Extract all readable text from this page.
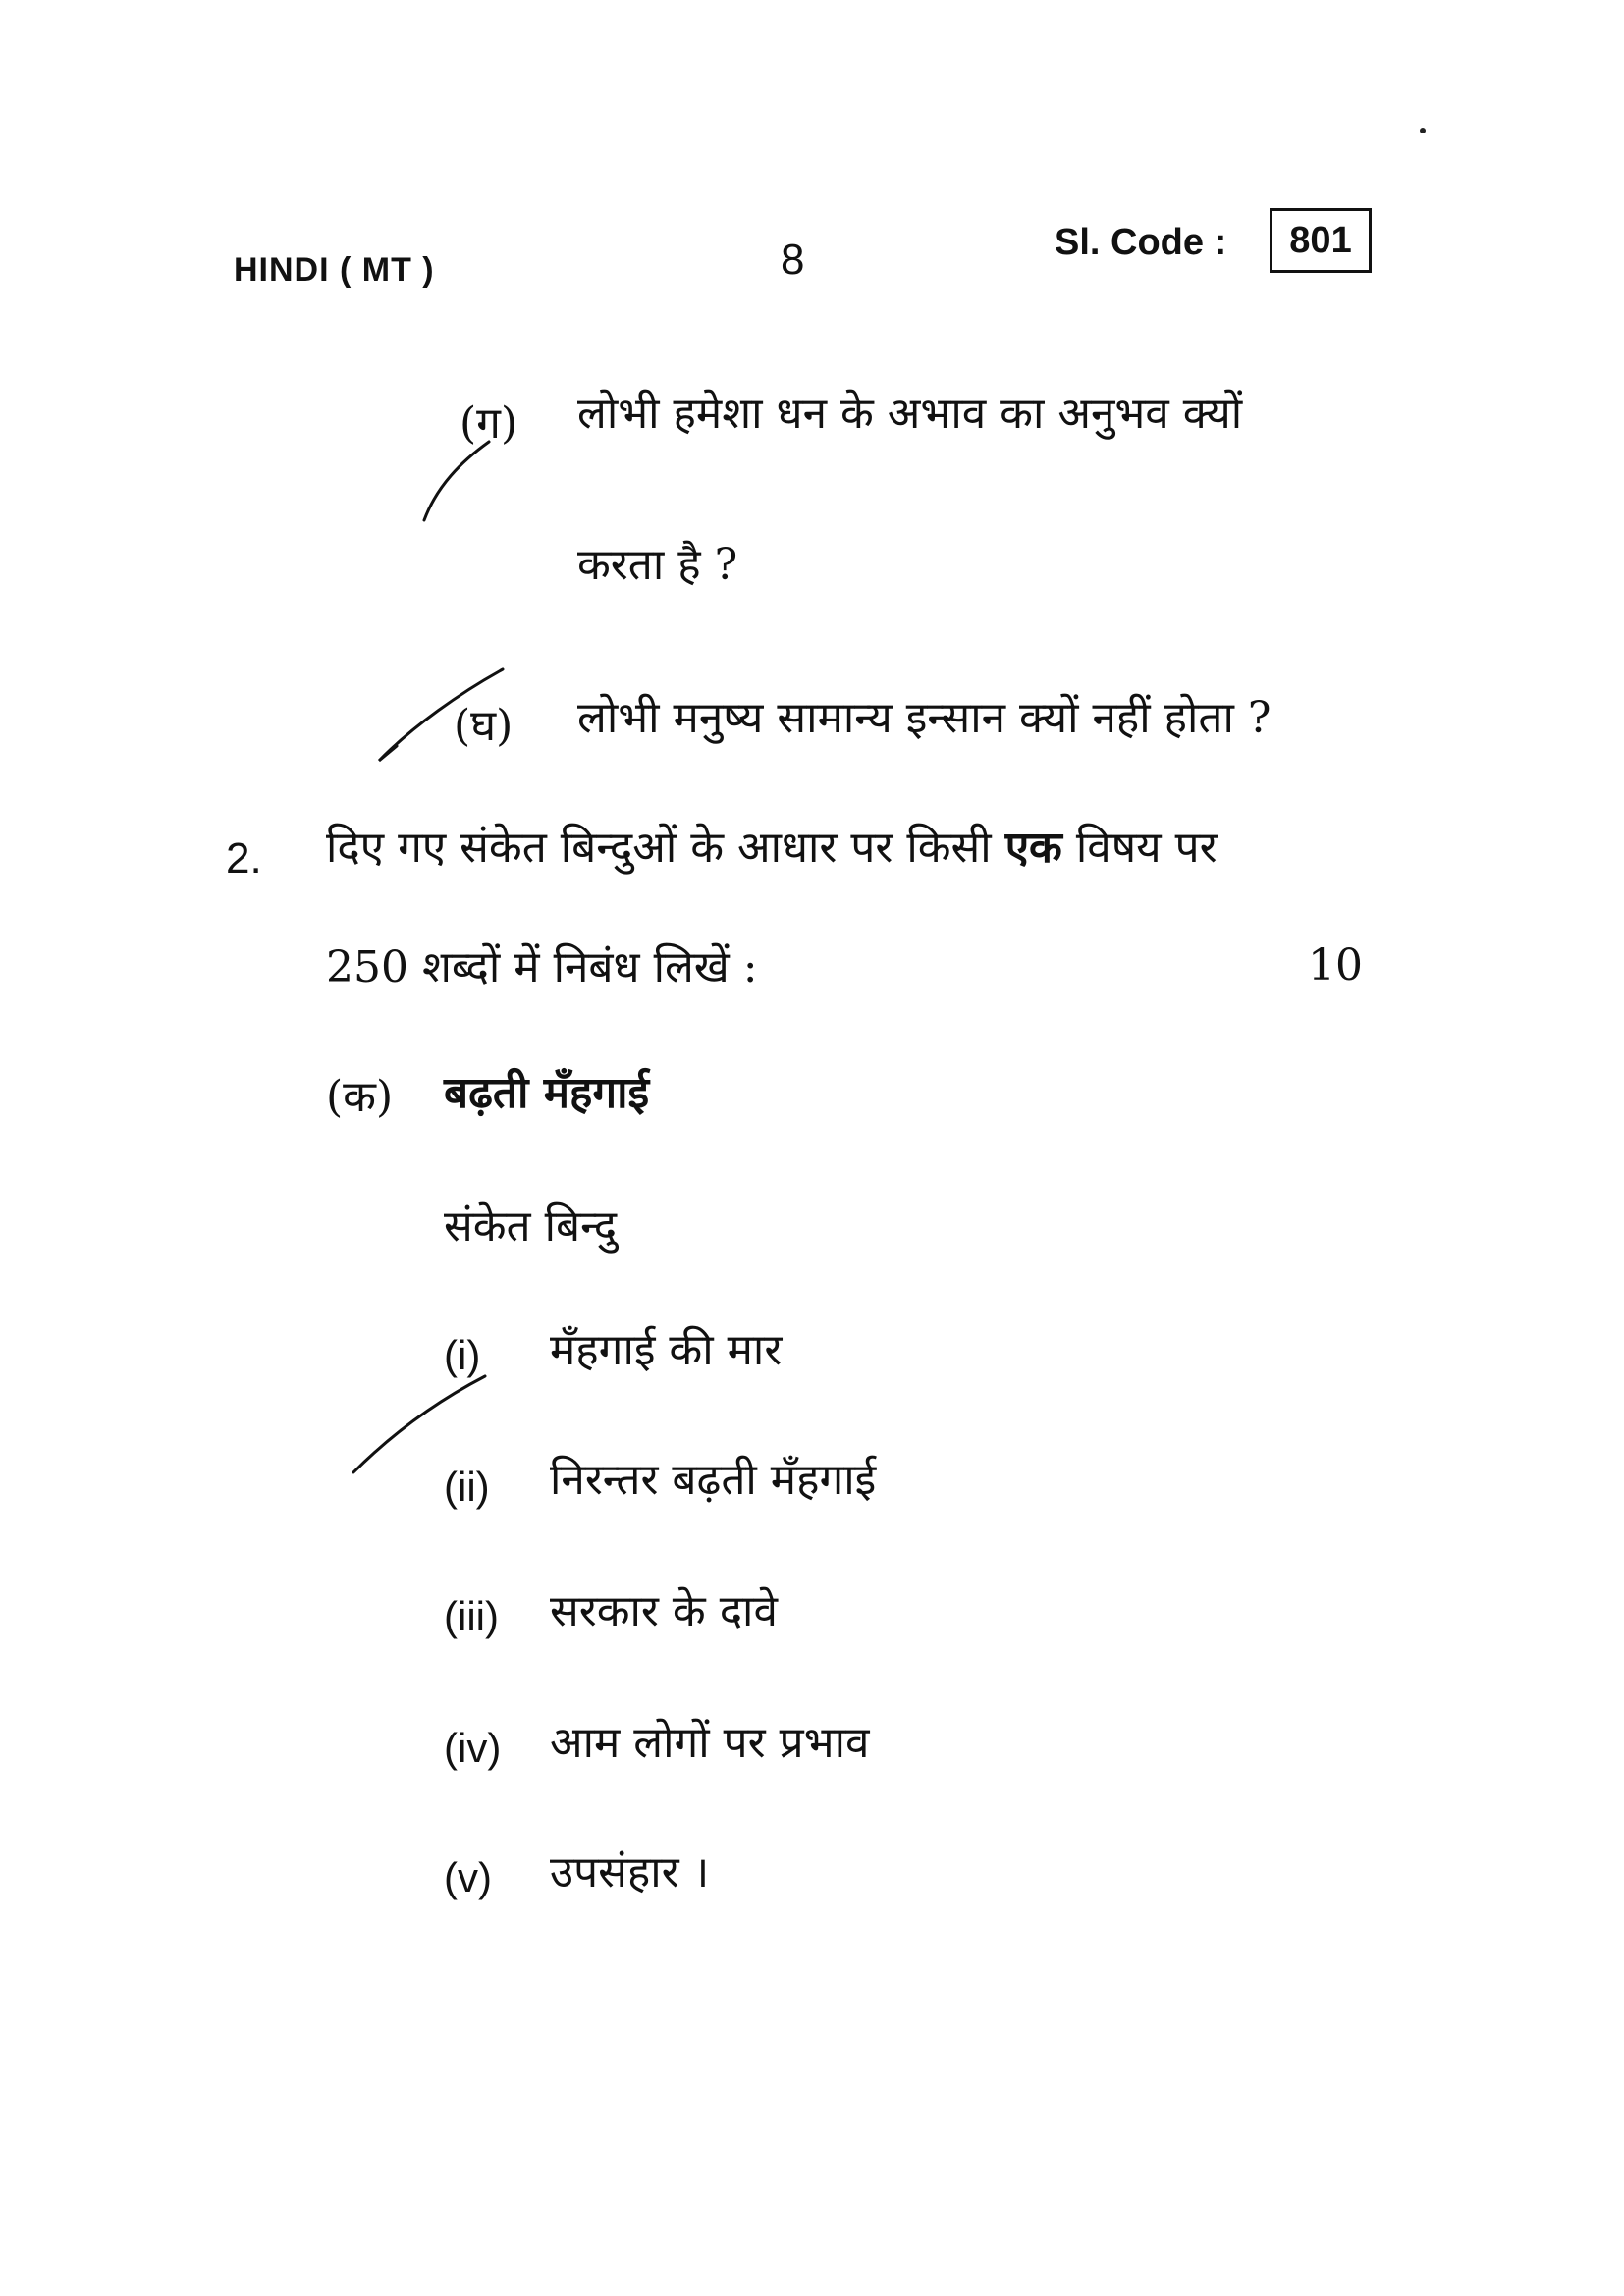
HINDI ( MT )	8	Sl. Code : 801
(ग) लोभी हमेशा धन के अभाव का अनुभव क्यों
करता है ?
(घ) लोभी मनुष्य सामान्य इन्सान क्यों नहीं होता ?
2. दिए गए संकेत बिन्दुओं के आधार पर किसी एक विषय पर
250 शब्दों में निबंध लिखें :	10
(क) बढ़ती मँहगाई
संकेत बिन्दु
(i) मँहगाई की मार
(ii) निरन्तर बढ़ती मँहगाई
(iii) सरकार के दावे
(iv) आम लोगों पर प्रभाव
(v) उपसंहार ।
